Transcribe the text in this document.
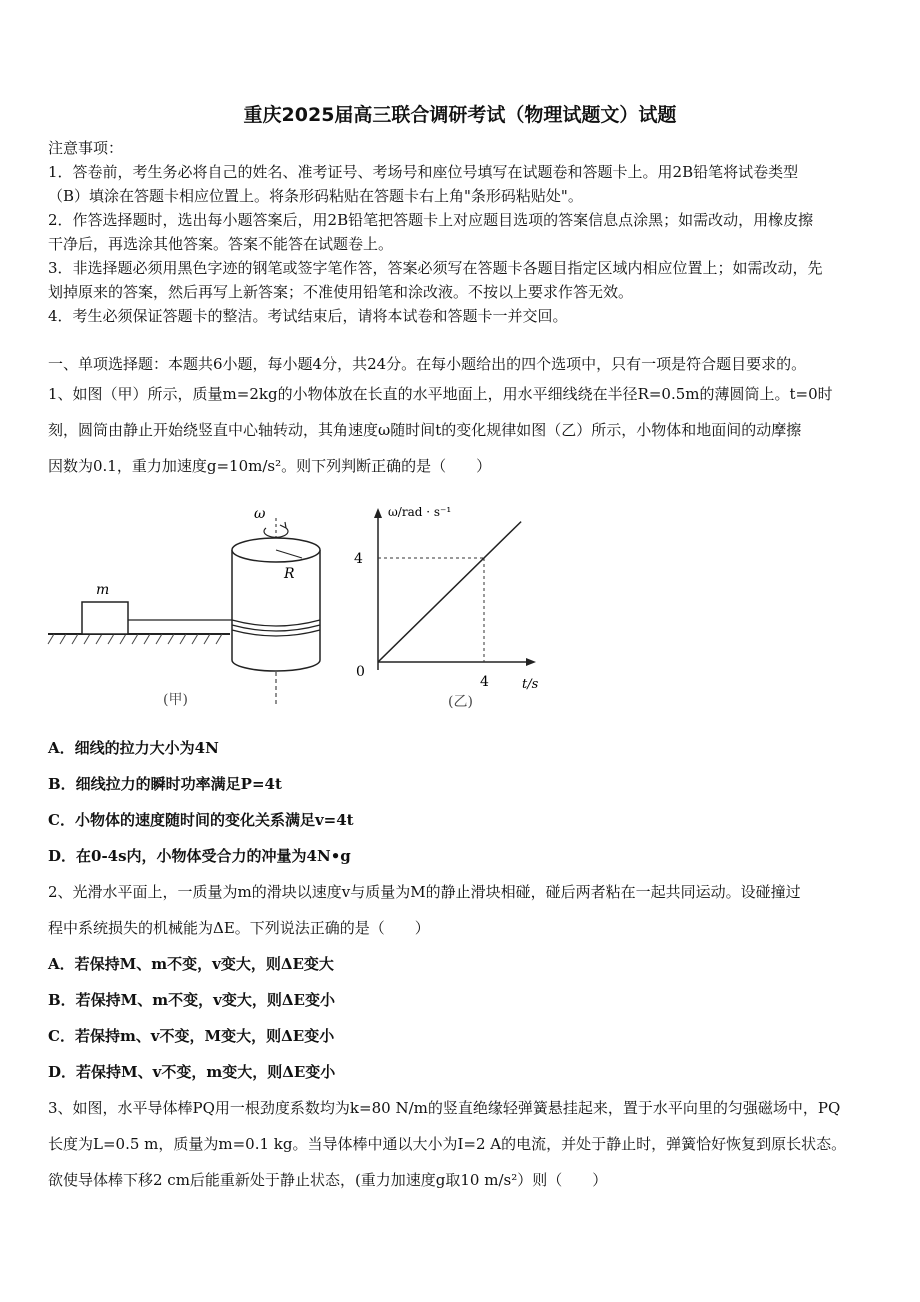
重庆2025届高三联合调研考试（物理试题文）试题
注意事项：
1．答卷前，考生务必将自己的姓名、准考证号、考场号和座位号填写在试题卷和答题卡上。用2B铅笔将试卷类型
（B）填涂在答题卡相应位置上。将条形码粘贴在答题卡右上角"条形码粘贴处"。
2．作答选择题时，选出每小题答案后，用2B铅笔把答题卡上对应题目选项的答案信息点涂黑；如需改动，用橡皮擦
干净后，再选涂其他答案。答案不能答在试题卷上。
3．非选择题必须用黑色字迹的钢笔或签字笔作答，答案必须写在答题卡各题目指定区域内相应位置上；如需改动，先
划掉原来的答案，然后再写上新答案；不准使用铅笔和涂改液。不按以上要求作答无效。
4．考生必须保证答题卡的整洁。考试结束后，请将本试卷和答题卡一并交回。
一、单项选择题：本题共6小题，每小题4分，共24分。在每小题给出的四个选项中，只有一项是符合题目要求的。
1、如图（甲）所示，质量m=2kg的小物体放在长直的水平地面上，用水平细线绕在半径R=0.5m的薄圆筒上。t=0时
刻，圆筒由静止开始绕竖直中心轴转动，其角速度ω随时间t的变化规律如图（乙）所示，小物体和地面间的动摩擦
因数为0.1，重力加速度g=10m/s²。则下列判断正确的是（　　）
m
R
ω
(甲)
ω/rad · s⁻¹
t/s
0
4
4
(乙)
A．细线的拉力大小为4N
B．细线拉力的瞬时功率满足P=4t
C．小物体的速度随时间的变化关系满足v=4t
D．在0-4s内，小物体受合力的冲量为4N•g
2、光滑水平面上，一质量为m的滑块以速度v与质量为M的静止滑块相碰，碰后两者粘在一起共同运动。设碰撞过
程中系统损失的机械能为ΔE。下列说法正确的是（　　）
A．若保持M、m不变，v变大，则ΔE变大
B．若保持M、m不变，v变大，则ΔE变小
C．若保持m、v不变，M变大，则ΔE变小
D．若保持M、v不变，m变大，则ΔE变小
3、如图，水平导体棒PQ用一根劲度系数均为k=80 N/m的竖直绝缘轻弹簧悬挂起来，置于水平向里的匀强磁场中，PQ
长度为L=0.5 m，质量为m=0.1 kg。当导体棒中通以大小为I=2 A的电流，并处于静止时，弹簧恰好恢复到原长状态。
欲使导体棒下移2 cm后能重新处于静止状态，(重力加速度g取10 m/s²）则（　　）
